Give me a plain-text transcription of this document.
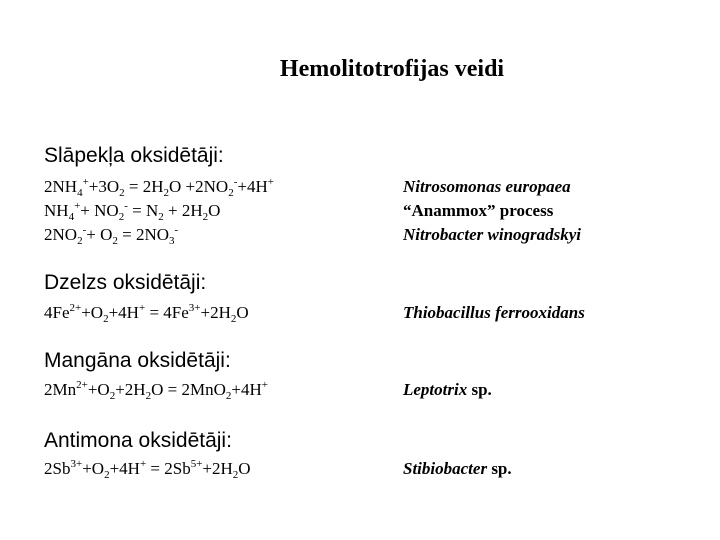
Hemolitotrofijas veidi
Slāpekļa oksidētāji:
$2NH_4^++3O_2 = 2H_2O +2NO_2^-+4H^+$	Nitrosomonas europaea
$NH_4^++ NO_2^- = N_2 + 2H_2O$	“Anammox” process
$2NO_2^-+ O_2 = 2NO_3^-$	Nitrobacter winogradskyi
Dzelzs oksidētāji:
$4Fe^{2+}+O_2+4H^+ = 4Fe^{3+}+2H_2O$	Thiobacillus ferrooxidans
Mangāna oksidētāji:
$2Mn^{2+}+O_2+2H_2O = 2MnO_2+4H^+$	Leptotrix sp.
Antimona oksidētāji:
$2Sb^{3+}+O_2+4H^+ = 2Sb^{5+}+2H_2O$	Stibiobacter sp.
